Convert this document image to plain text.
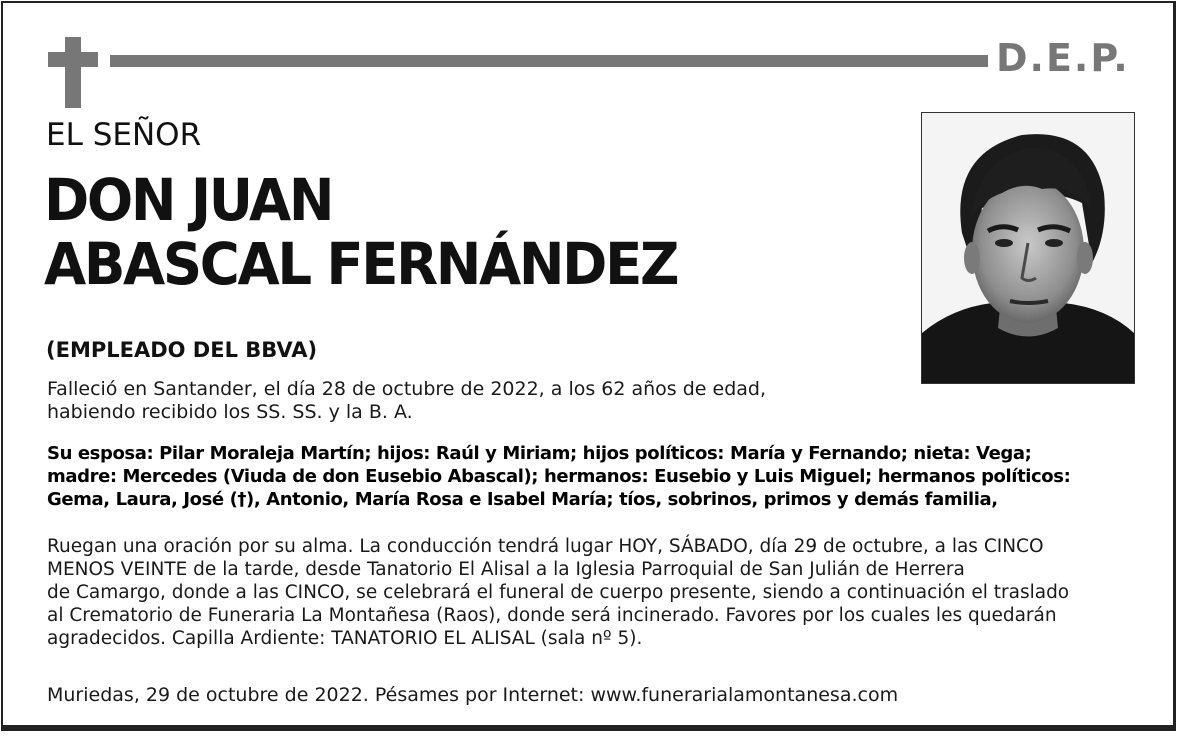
D.E.P.
EL SEÑOR
DON JUAN
ABASCAL FERNÁNDEZ
(EMPLEADO DEL BBVA)
Falleció en Santander, el día 28 de octubre de 2022, a los 62 años de edad,
habiendo recibido los SS. SS. y la B. A.
Su esposa: Pilar Moraleja Martín; hijos: Raúl y Miriam; hijos políticos: María y Fernando; nieta: Vega;
madre: Mercedes (Viuda de don Eusebio Abascal); hermanos: Eusebio y Luis Miguel; hermanos políticos:
Gema, Laura, José (†), Antonio, María Rosa e Isabel María; tíos, sobrinos, primos y demás familia,
Ruegan una oración por su alma. La conducción tendrá lugar HOY, SÁBADO, día 29 de octubre, a las CINCO
MENOS VEINTE de la tarde, desde Tanatorio El Alisal a la Iglesia Parroquial de San Julián de Herrera
de Camargo, donde a las CINCO, se celebrará el funeral de cuerpo presente, siendo a continuación el traslado
al Crematorio de Funeraria La Montañesa (Raos), donde será incinerado. Favores por los cuales les quedarán
agradecidos. Capilla Ardiente: TANATORIO EL ALISAL (sala nº 5).
Muriedas, 29 de octubre de 2022. Pésames por Internet: www.funerarialamontanesa.com
